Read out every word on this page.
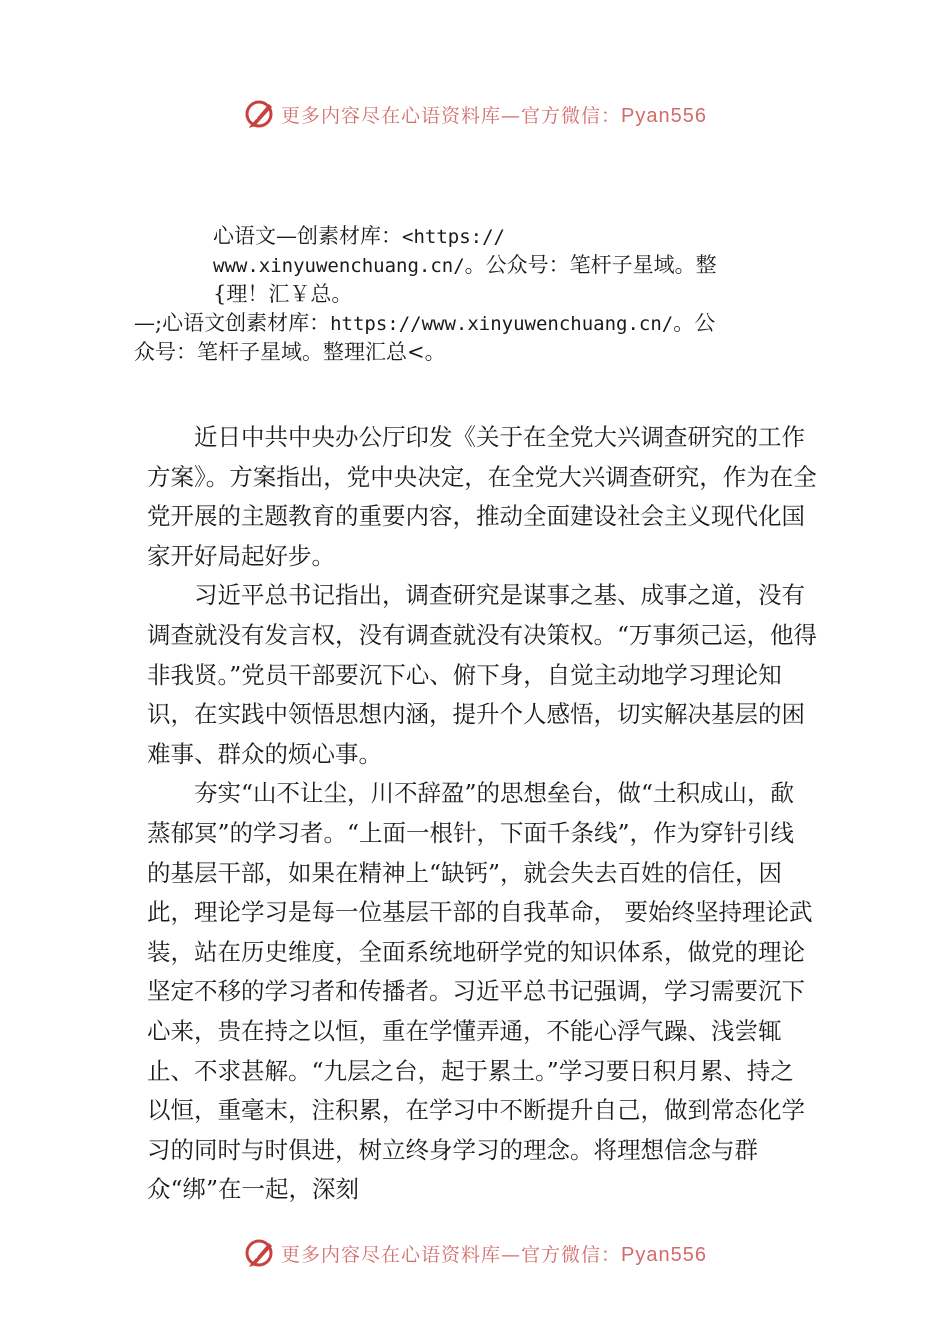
更多内容尽在心语资料库—官方微信：Pyan556
心语文—创素材库：<https://
www.xinyuwenchuang.cn/。公众号：笔杆子星域。整
{理！汇￥总。
—;心语文创素材库：https://www.xinyuwenchuang.cn/。公
众号：笔杆子星域。整理汇总<。

近日中共中央办公厅印发《关于在全党大兴调查研究的工作方案》。方案指出，党中央决定，在全党大兴调查研究，作为在全党开展的主题教育的重要内容，推动全面建设社会主义现代化国家开好局起好步。

习近平总书记指出，调查研究是谋事之基、成事之道，没有调查就没有发言权，没有调查就没有决策权。“万事须己运，他得非我贤。”党员干部要沉下心、俯下身，自觉主动地学习理论知识，在实践中领悟思想内涵，提升个人感悟，切实解决基层的困难事、群众的烦心事。

夯实“山不让尘，川不辞盈”的思想垒台，做“土积成山，歃蒸郁冥”的学习者。“上面一根针，下面千条线”，作为穿针引线的基层干部，如果在精神上“缺钙”，就会失去百姓的信任，因此，理论学习是每一位基层干部的自我革命， 要始终坚持理论武装，站在历史维度，全面系统地研学党的知识体系，做党的理论坚定不移的学习者和传播者。习近平总书记强调，学习需要沉下心来，贵在持之以恒，重在学懂弄通，不能心浮气躁、浅尝辄止、不求甚解。“九层之台，起于累土。”学习要日积月累、持之以恒，重毫末，注积累，在学习中不断提升自己，做到常态化学习的同时与时俱进，树立终身学习的理念。将理想信念与群众“绑”在一起，深刻

更多内容尽在心语资料库—官方微信：Pyan556
